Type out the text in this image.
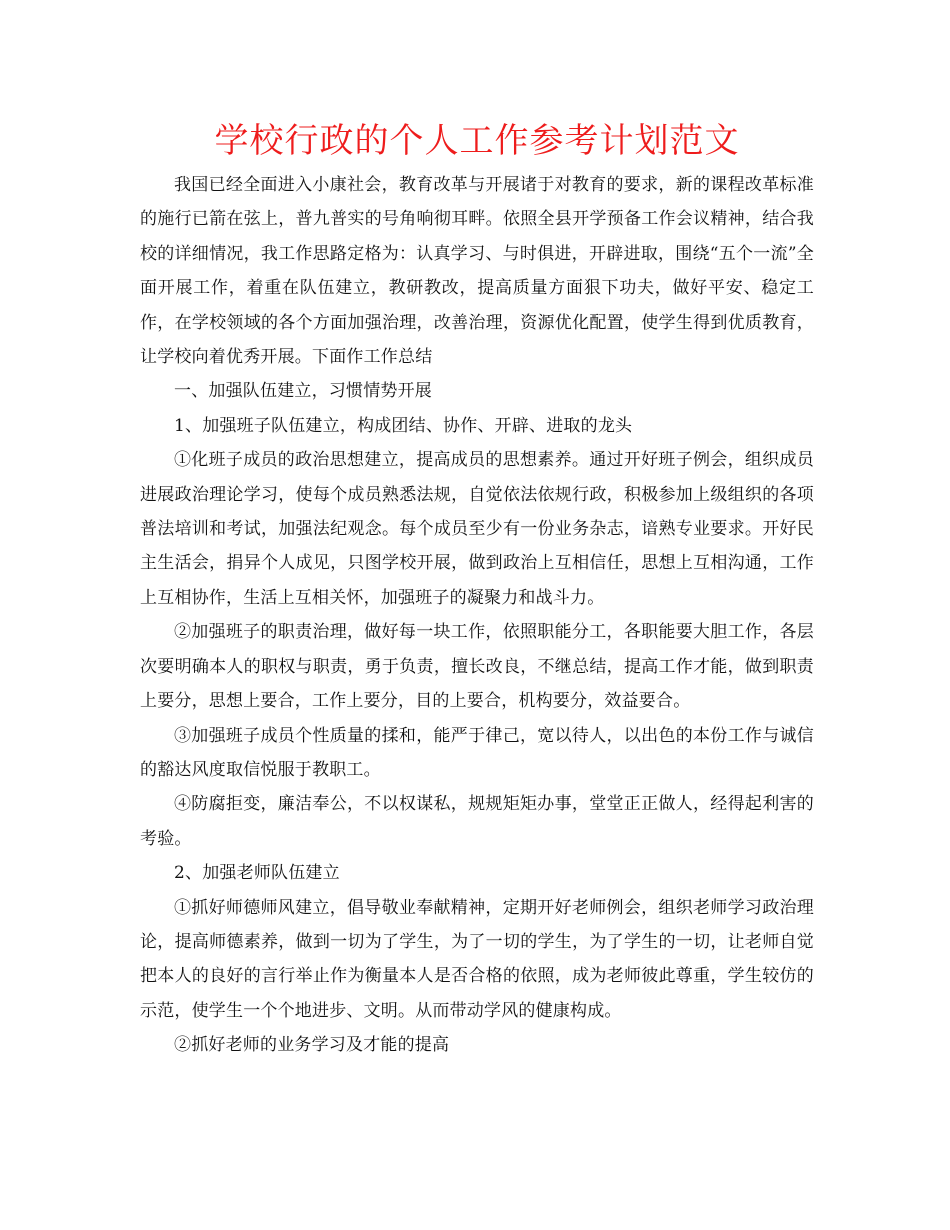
学校行政的个人工作参考计划范文

我国已经全面进入小康社会，教育改革与开展诸于对教育的要求，新的课程改革标准的施行已箭在弦上，普九普实的号角响彻耳畔。依照全县开学预备工作会议精神，结合我校的详细情况，我工作思路定格为：认真学习、与时俱进，开辟进取，围绕“五个一流”全面开展工作，着重在队伍建立，教研教改，提高质量方面狠下功夫，做好平安、稳定工作，在学校领域的各个方面加强治理，改善治理，资源优化配置，使学生得到优质教育，让学校向着优秀开展。下面作工作总结

一、加强队伍建立，习惯情势开展

1、加强班子队伍建立，构成团结、协作、开辟、进取的龙头

①化班子成员的政治思想建立，提高成员的思想素养。通过开好班子例会，组织成员进展政治理论学习，使每个成员熟悉法规，自觉依法依规行政，积极参加上级组织的各项普法培训和考试，加强法纪观念。每个成员至少有一份业务杂志，谙熟专业要求。开好民主生活会，捐异个人成见，只图学校开展，做到政治上互相信任，思想上互相沟通，工作上互相协作，生活上互相关怀，加强班子的凝聚力和战斗力。

②加强班子的职责治理，做好每一块工作，依照职能分工，各职能要大胆工作，各层次要明确本人的职权与职责，勇于负责，擅长改良，不继总结，提高工作才能，做到职责上要分，思想上要合，工作上要分，目的上要合，机构要分，效益要合。

③加强班子成员个性质量的揉和，能严于律己，宽以待人，以出色的本份工作与诚信的豁达风度取信悦服于教职工。

④防腐拒变，廉洁奉公，不以权谋私，规规矩矩办事，堂堂正正做人，经得起利害的考验。

2、加强老师队伍建立

①抓好师德师风建立，倡导敬业奉献精神，定期开好老师例会，组织老师学习政治理论，提高师德素养，做到一切为了学生，为了一切的学生，为了学生的一切，让老师自觉把本人的良好的言行举止作为衡量本人是否合格的依照，成为老师彼此尊重，学生较仿的示范，使学生一个个地进步、文明。从而带动学风的健康构成。

②抓好老师的业务学习及才能的提高
